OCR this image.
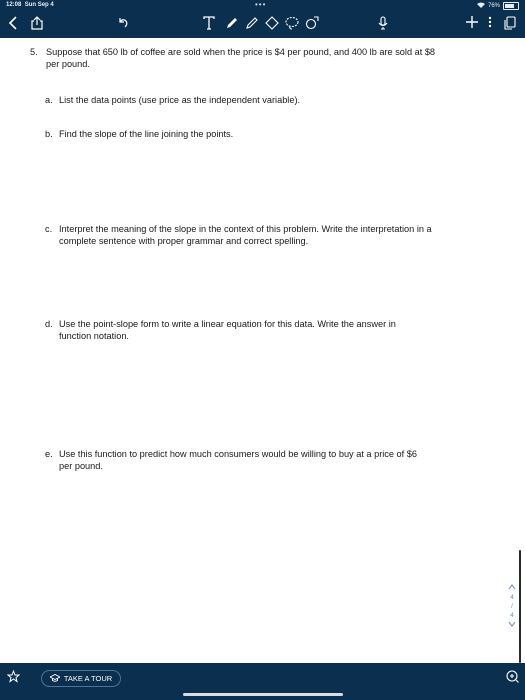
12:08 Sun Sep 4	•••	76%
5. Suppose that 650 lb of coffee are sold when the price is $4 per pound, and 400 lb are sold at $8
per pound.
a. List the data points (use price as the independent variable).
b. Find the slope of the line joining the points.
c. Interpret the meaning of the slope in the context of this problem. Write the interpretation in a
complete sentence with proper grammar and correct spelling.
d. Use the point-slope form to write a linear equation for this data. Write the answer in
function notation.
e. Use this function to predict how much consumers would be willing to buy at a price of $6
per pound.
4
/
4
TAKE A TOUR
